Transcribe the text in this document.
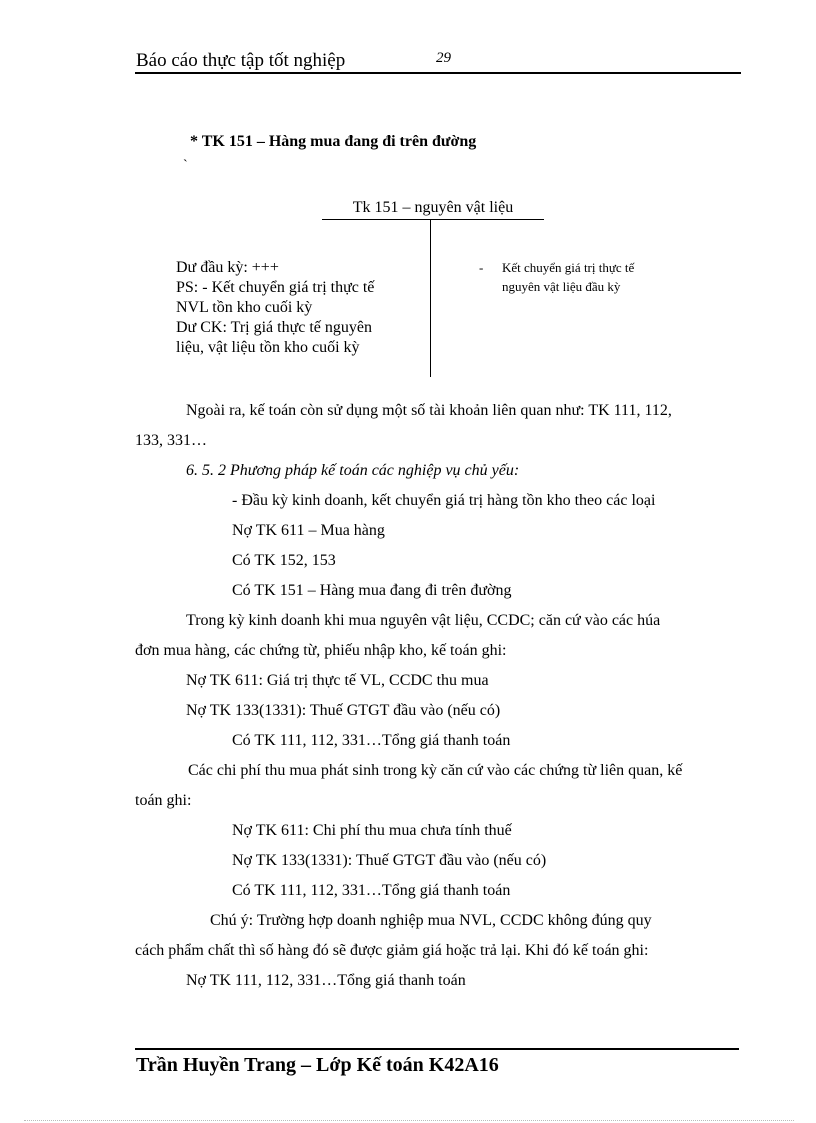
Báo cáo thực tập tốt nghiệp	29
* TK 151 – Hàng mua đang đi trên đường
`
Tk 151 – nguyên vật liệu
Dư đầu kỳ: +++
PS: - Kết chuyển giá trị thực tế
NVL tồn kho cuối kỳ
Dư CK: Trị giá thực tế nguyên
liệu, vật liệu tồn kho cuối kỳ
- Kết chuyển giá trị thực tế
nguyên vật liệu đầu kỳ
Ngoài ra, kế toán còn sử dụng một số tài khoản liên quan như: TK 111, 112,
133, 331…
6. 5. 2 Phương pháp kế toán các nghiệp vụ chủ yếu:
- Đầu kỳ kinh doanh, kết chuyển giá trị hàng tồn kho theo các loại
Nợ TK 611 – Mua hàng
Có TK 152, 153
Có TK 151 – Hàng mua đang đi trên đường
Trong kỳ kinh doanh khi mua nguyên vật liệu, CCDC; căn cứ vào các húa
đơn mua hàng, các chứng từ, phiếu nhập kho, kế toán ghi:
Nợ TK 611: Giá trị thực tế VL, CCDC thu mua
Nợ TK 133(1331): Thuế GTGT đầu vào (nếu có)
Có TK 111, 112, 331…Tổng giá thanh toán
Các chi phí thu mua phát sinh trong kỳ căn cứ vào các chứng từ liên quan, kế
toán ghi:
Nợ TK 611: Chi phí thu mua chưa tính thuế
Nợ TK 133(1331): Thuế GTGT đầu vào (nếu có)
Có TK 111, 112, 331…Tổng giá thanh toán
Chú ý: Trường hợp doanh nghiệp mua NVL, CCDC không đúng quy
cách phẩm chất thì số hàng đó sẽ được giảm giá hoặc trả lại. Khi đó kế toán ghi:
Nợ TK 111, 112, 331…Tổng giá thanh toán
Trần Huyền Trang – Lớp Kế toán K42A16
